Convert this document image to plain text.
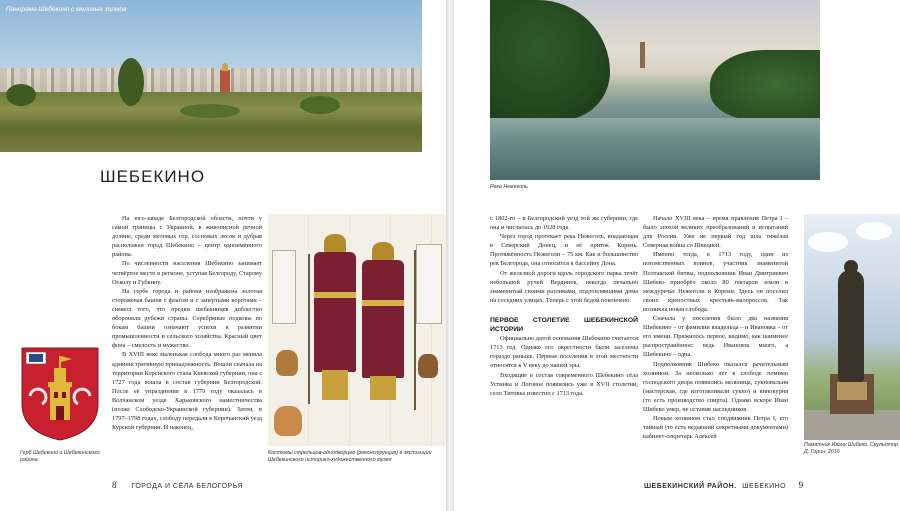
Панорама Шебекино с меловых холмов
ШЕБЕКИНО

На юго-западе Белгородской области, почти у самой границы с Украиной, в живописной речной долине, среди меловых гор, сосновых лесов и дубрав расположен город Шебекино – центр одноимённого района.

По численности населения Шебекино занимает четвёртое место в регионе, уступая Белгороду, Старому Осколу и Губкину.

На гербе города и района изображена золотая сторожевая башня с флагом и с запертыми воротами – символ того, что предки шебекинцев доблестно обороняли рубежи страны. Серебряные подковы по бокам башни означают успехи в развитии промышленности и сельского хозяйства. Красный цвет фона – смелость и мужество.

В XVIII веке маленькая слобода много раз меняла административную принадлежность. Вошли сначала на территории Корсиского стана Киевской губернии, она с 1727 года вошла в состав губернии Белгородской. После её упразднения в 1779 году оказалась в Волчанском уезде Харьковского наместничества (позже Слободско-Украинской губернии). Затем, в 1797–1798 годах, слободу передали в Корочанский уезд Курской губернии. И наконец,

Герб Шебекино и Шебекинского района
Костюмы стрельцов-однодворцев (реконструкция) в экспозиции Шебекинского историко-художественного музея
8 ГОРОДА И СЁЛА БЕЛОГОРЬЯ
Река Нежеголь

с 1802-го – в Белгородский уезд той же губернии, где она и числилась до 1928 года.

Через город протекает река Нежеголь, впадающая в Северский Донец, и её приток Корень. Протяжённость Нежеголи – 75 км. Как и большинство рек Белгорода, она относится к бассейну Дона.

От железной дороги вдоль городского парка течёт небольшой ручей Вердинок, некогда печально знаменитый своими разливами, подтоплявшими дома на соседних улицах. Теперь с этой бедой покончено.

ПЕРВОЕ СТОЛЕТИЕ ШЕБЕКИНСКОЙ ИСТОРИИ

Официально датой основания Шебекино считается 1713 год. Однако его окрестности были заселены гораздо раньше. Первые поселения в этой местности относятся к V веку до нашей эры.

Входящие в состав современного Шебекино сёла Устинка и Логовое появились уже в XVII столетии, село Титовка известно с 1713 года.

Начало XVIII века – время правления Петра I – было эпохой великих преобразований и испытаний для России. Уже не первый год шла тяжёлая Северная война со Швецией.

Именно тогда, в 1713 году, один из потомственных воинов, участник знаменитой Полтавской битвы, подполковник Иван Дмитриевич Шибеко приобрёл около 80 гектаров земли в междуречье Нежеголи и Корени. Здесь он поселил своих крепостных крестьян-малороссов. Так возникла новая слобода.

Сначала у поселения было два названия Шибекино – от фамилии владельца – и Ивановка – от его имени. Прижилось первое, видимо, как наименее распространённое: ведь Ивановок много, а Шибекино – одна.

Подполковник Шибеко оказался рачительным хозяином. За несколько лет в слободе помимо господского двора появились мельница, сукновальня (мастерская, где изготавливали сукно) и винокурня (то есть производство спирта). Однако вскоре Иван Шибеко умер, не оставив наследников.

Новым хозяином стал сподвижник Петра I, его тайный (то есть ведавший секретными документами) кабинет-секретарь Алексей

Памятник Ивану Шибеко. Скульптор Д. Горин, 2016
ШЕБЕКИНСКИЙ РАЙОН. ШЕБЕКИНО 9
